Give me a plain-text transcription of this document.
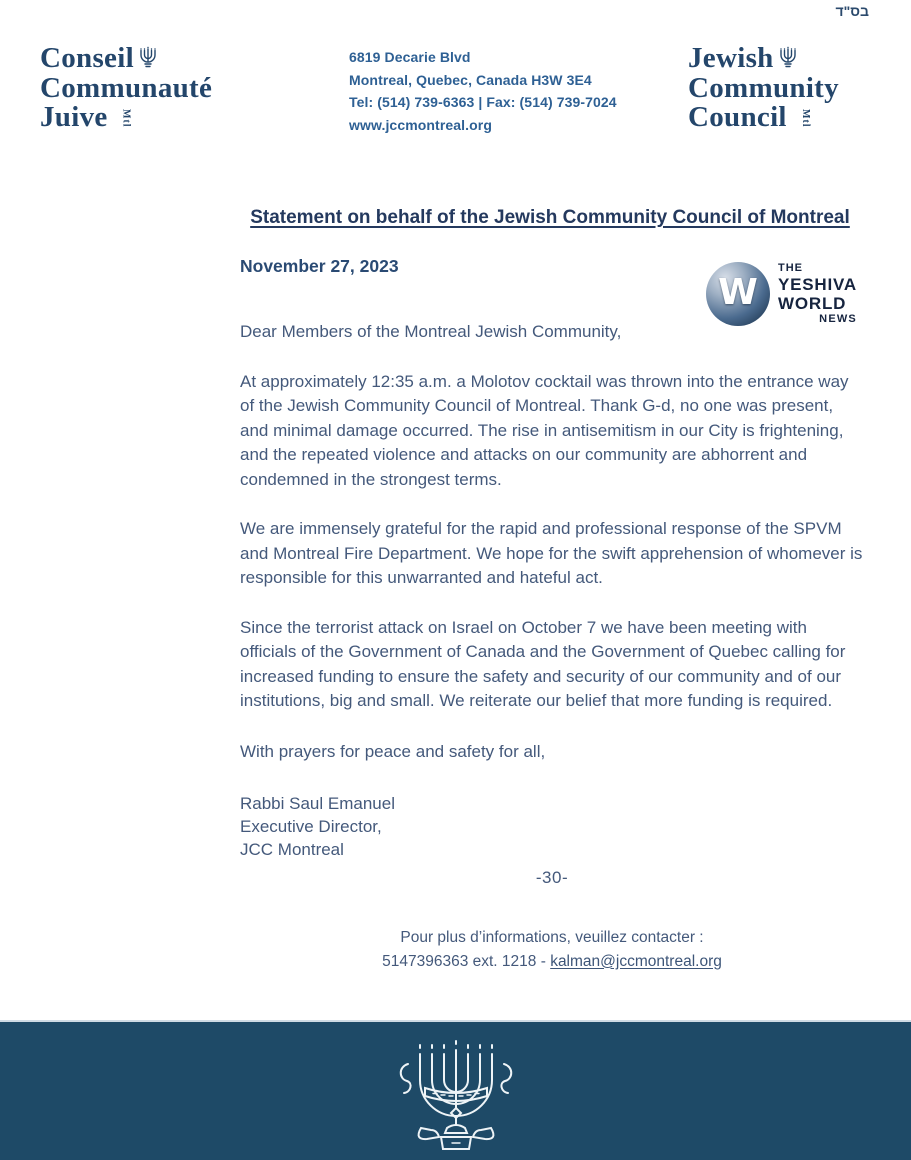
בס"ד
Conseil
Communauté
Juive	Mtl
6819 Decarie Blvd
Montreal, Quebec, Canada H3W 3E4
Tel: (514) 739-6363 | Fax: (514) 739-7024
www.jccmontreal.org
Jewish
Community
Council	Mtl
Statement on behalf of the Jewish Community Council of Montreal
November 27, 2023
W
THE
YESHIVA
WORLD
NEWS
Dear Members of the Montreal Jewish Community,

At approximately 12:35 a.m. a Molotov cocktail was thrown into the entrance way of the Jewish Community Council of Montreal. Thank G-d, no one was present, and minimal damage occurred. The rise in antisemitism in our City is frightening, and the repeated violence and attacks on our community are abhorrent and condemned in the strongest terms.

We are immensely grateful for the rapid and professional response of the SPVM and Montreal Fire Department. We hope for the swift apprehension of whomever is responsible for this unwarranted and hateful act.

Since the terrorist attack on Israel on October 7 we have been meeting with officials of the Government of Canada and the Government of Quebec calling for increased funding to ensure the safety and security of our community and of our institutions, big and small. We reiterate our belief that more funding is required.

With prayers for peace and safety for all,
Rabbi Saul Emanuel
Executive Director,
JCC Montreal
-30-
Pour plus d’informations, veuillez contacter :
5147396363 ext. 1218 - kalman@jccmontreal.org
